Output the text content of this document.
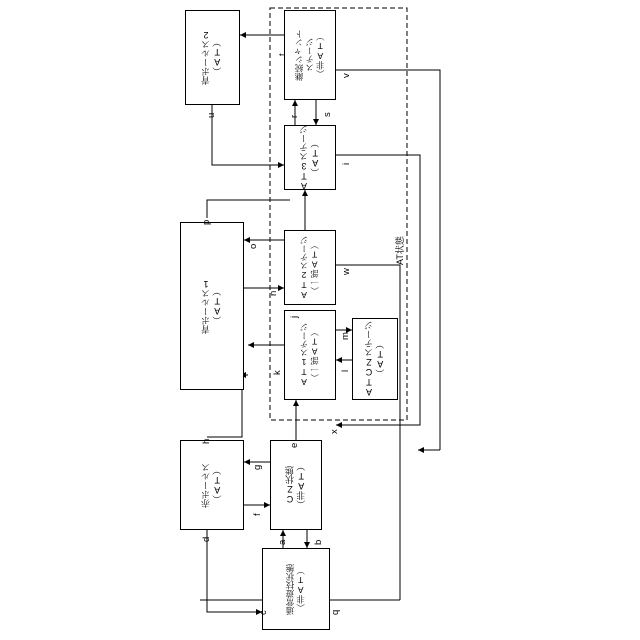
青ポールス2
（AT）	継続シャント
ステージ
（非AT）
AT3ステージ
（AT）
青ポールス1
（AT）
AT2ステージ
（一部AT）
AT1ステージ
（一部AT）	ATCZステージ
（AT）
赤ポールス
（AT）	CZ状態
（非AT）
通常遊技状態
（非AT）
t
u	r s
v
i
p
o
n
w
j
k
m
l
h
e
x
g
f
d
a	b
c	q
AT状態
